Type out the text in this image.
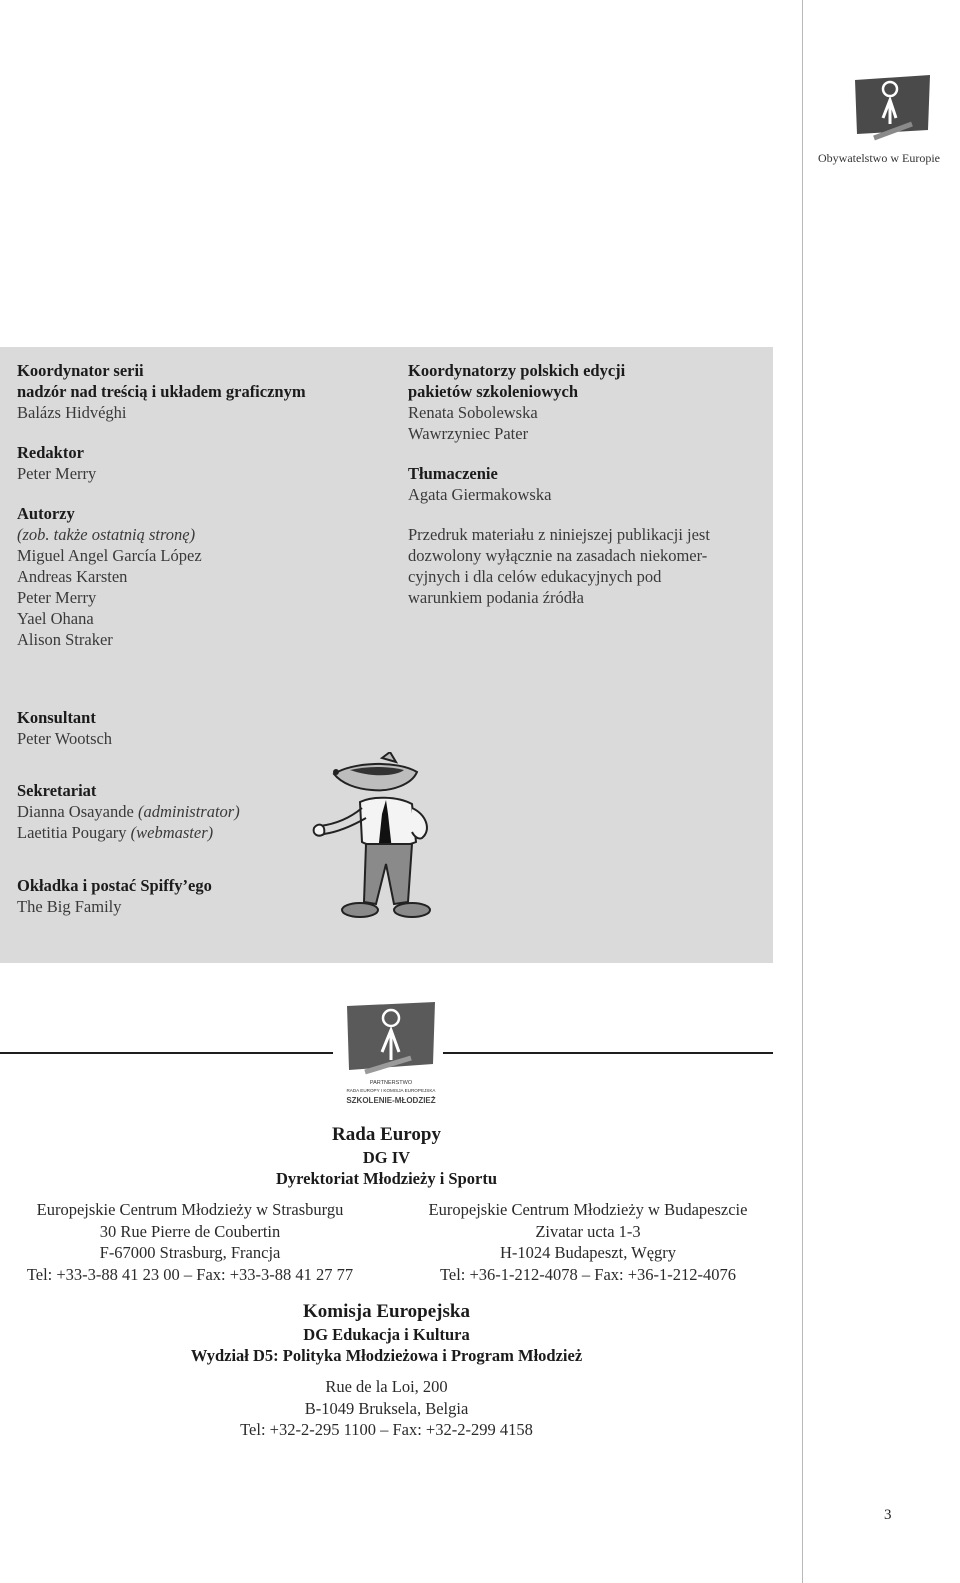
Obywatelstwo w Europie
Koordynator serii
nadzór nad treścią i układem graficznym
Balázs Hidvéghi
Redaktor
Peter Merry
Autorzy
(zob. także ostatnią stronę)
Miguel Angel García López
Andreas Karsten
Peter Merry
Yael Ohana
Alison Straker
Koordynatorzy polskich edycji
pakietów szkoleniowych
Renata Sobolewska
Wawrzyniec Pater
Tłumaczenie
Agata Giermakowska
Przedruk materiału z niniejszej publikacji jest
dozwolony wyłącznie na zasadach niekomer-
cyjnych i dla celów edukacyjnych pod
warunkiem podania źródła
Konsultant
Peter Wootsch
Sekretariat
Dianna Osayande (administrator)
Laetitia Pougary (webmaster)
Okładka i postać Spiffy’ego
The Big Family
PARTNERSTWO
RADA EUROPY I KOMISJA EUROPEJSKA
SZKOLENIE-MŁODZIEŻ
Rada Europy
DG IV
Dyrektoriat Młodzieży i Sportu
Europejskie Centrum Młodzieży w Strasburgu
30 Rue Pierre de Coubertin
F-67000 Strasburg, Francja
Tel: +33-3-88 41 23 00 – Fax: +33-3-88 41 27 77
Europejskie Centrum Młodzieży w Budapeszcie
Zivatar ucta 1-3
H-1024 Budapeszt, Węgry
Tel: +36-1-212-4078 – Fax: +36-1-212-4076
Komisja Europejska
DG Edukacja i Kultura
Wydział D5: Polityka Młodzieżowa i Program Młodzież
Rue de la Loi, 200
B-1049 Bruksela, Belgia
Tel: +32-2-295 1100 – Fax: +32-2-299 4158
3
